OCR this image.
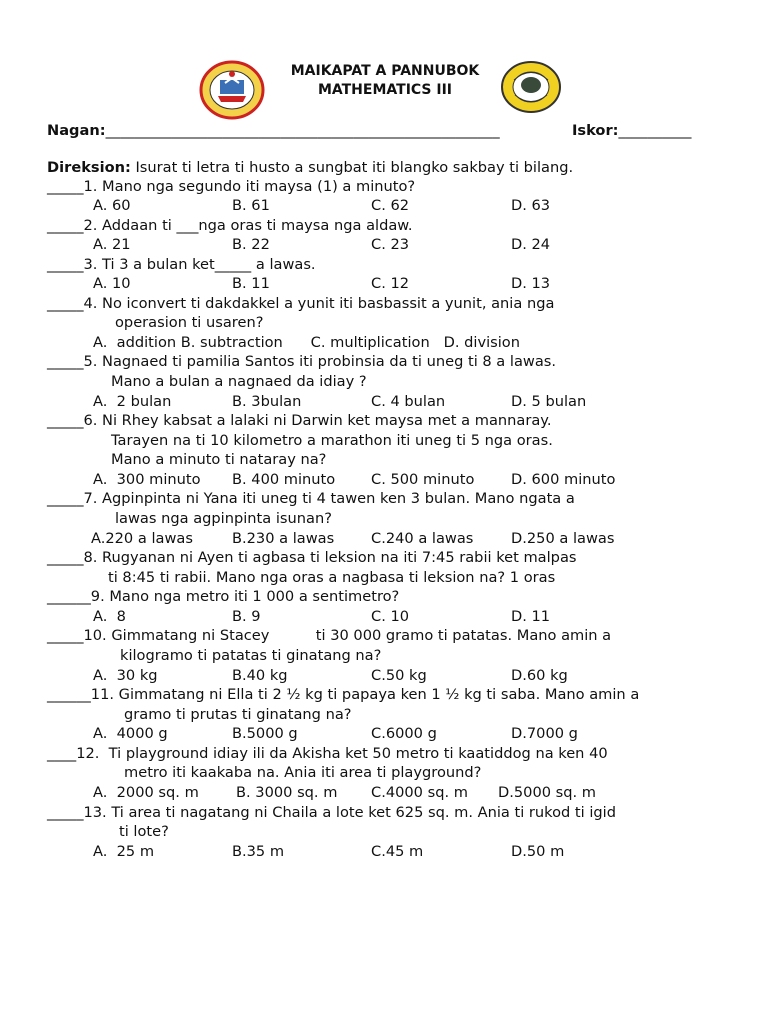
MAIKAPAT A PANNUBOK
MATHEMATICS III
Nagan:______________________________________________________	Iskor:__________
Direksion: Isurat ti letra ti husto a sungbat iti blangko sakbay ti bilang.
_____1. Mano nga segundo iti maysa (1) a minuto?
A. 60	B. 61	C. 62	D. 63
_____2. Addaan ti ___nga oras ti maysa nga aldaw.
A. 21	B. 22	C. 23	D. 24
_____3. Ti 3 a bulan ket_____ a lawas.
A. 10	B. 11	C. 12	D. 13
_____4. No iconvert ti dakdakkel a yunit iti basbassit a yunit, ania nga
operasion ti usaren?
A.  addition B. subtraction      C. multiplication   D. division
_____5. Nagnaed ti pamilia Santos iti probinsia da ti uneg ti 8 a lawas.
Mano a bulan a nagnaed da idiay ?
A.  2 bulan	B. 3bulan	C. 4 bulan	D. 5 bulan
_____6. Ni Rhey kabsat a lalaki ni Darwin ket maysa met a mannaray.
Tarayen na ti 10 kilometro a marathon iti uneg ti 5 nga oras.
Mano a minuto ti nataray na?
A.  300 minuto B. 400 minuto C. 500 minuto	D. 600 minuto
_____7. Agpinpinta ni Yana iti uneg ti 4 tawen ken 3 bulan. Mano ngata a
lawas nga agpinpinta isunan?
A.220 a lawas	B.230 a lawas	C.240 a lawas	D.250 a lawas
_____8. Rugyanan ni Ayen ti agbasa ti leksion na iti 7:45 rabii ket malpas
ti 8:45 ti rabii. Mano nga oras a nagbasa ti leksion na? 1 oras
______9. Mano nga metro iti 1 000 a sentimetro?
A.  8	B. 9	C. 10	D. 11
_____10. Gimmatang ni Stacey          ti 30 000 gramo ti patatas. Mano amin a
kilogramo ti patatas ti ginatang na?
A.  30 kg	B.40 kg	C.50 kg	D.60 kg
______11. Gimmatang ni Ella ti 2 ½ kg ti papaya ken 1 ½ kg ti saba. Mano amin a
gramo ti prutas ti ginatang na?
A.  4000 g	B.5000 g	C.6000 g	D.7000 g
____12.  Ti playground idiay ili da Akisha ket 50 metro ti kaatiddog na ken 40
metro iti kaakaba na. Ania iti area ti playground?
A.  2000 sq. m	B. 3000 sq. m C.4000 sq. m D.5000 sq. m
_____13. Ti area ti nagatang ni Chaila a lote ket 625 sq. m. Ania ti rukod ti igid
ti lote?
A.  25 m	B.35 m	C.45 m	D.50 m
